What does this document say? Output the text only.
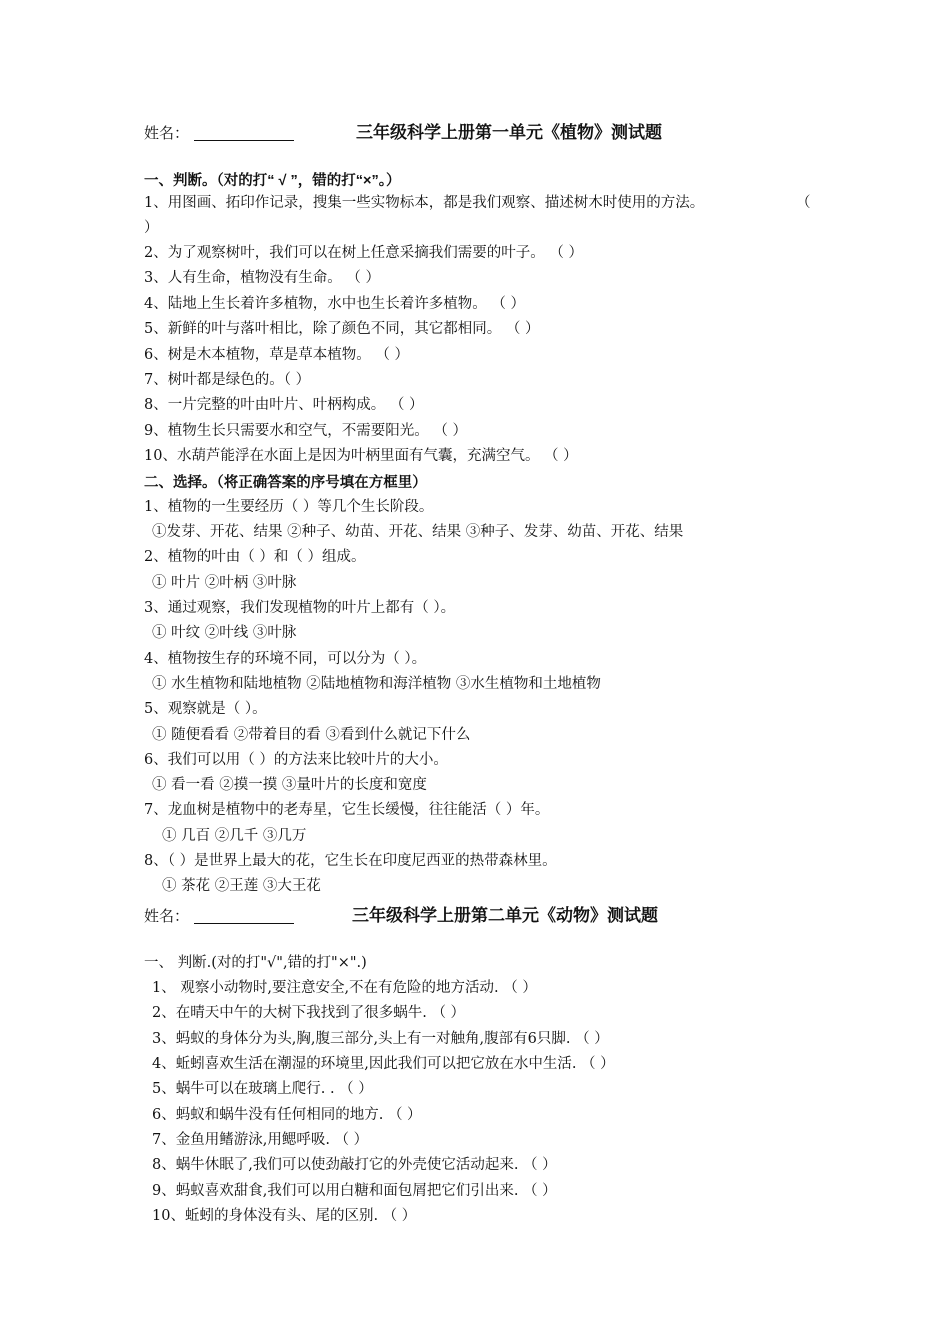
姓名：	三年级科学上册第一单元《植物》测试题
一、判断。（对的打“ √ ”，错的打“×”。）
1、用图画、拓印作记录，搜集一些实物标本，都是我们观察、描述树木时使用的方法。	（
）
2、为了观察树叶，我们可以在树上任意采摘我们需要的叶子。 （ ）
3、人有生命，植物没有生命。 （ ）
4、陆地上生长着许多植物，水中也生长着许多植物。 （ ）
5、新鲜的叶与落叶相比，除了颜色不同，其它都相同。 （ ）
6、树是木本植物，草是草本植物。 （ ）
7、树叶都是绿色的。（ ）
8、一片完整的叶由叶片、叶柄构成。 （ ）
9、植物生长只需要水和空气，不需要阳光。 （ ）
10、水葫芦能浮在水面上是因为叶柄里面有气囊，充满空气。 （ ）
二、选择。（将正确答案的序号填在方框里）
1、植物的一生要经历（ ）等几个生长阶段。
①发芽、开花、结果 ②种子、幼苗、开花、结果 ③种子、发芽、幼苗、开花、结果
2、植物的叶由（ ）和（ ）组成。
① 叶片 ②叶柄 ③叶脉
3、通过观察，我们发现植物的叶片上都有（ ）。
① 叶纹 ②叶线 ③叶脉
4、植物按生存的环境不同，可以分为（ ）。
① 水生植物和陆地植物 ②陆地植物和海洋植物 ③水生植物和土地植物
5、观察就是（ ）。
① 随便看看 ②带着目的看 ③看到什么就记下什么
6、我们可以用（ ）的方法来比较叶片的大小。
① 看一看 ②摸一摸 ③量叶片的长度和宽度
7、龙血树是植物中的老寿星，它生长缓慢，往往能活（ ）年。
① 几百 ②几千 ③几万
8、（ ）是世界上最大的花，它生长在印度尼西亚的热带森林里。
① 茶花 ②王莲 ③大王花
姓名：	三年级科学上册第二单元《动物》测试题
一、 判断.(对的打"√",错的打"×".)
1、 观察小动物时,要注意安全,不在有危险的地方活动. （ ）
2、在晴天中午的大树下我找到了很多蜗牛. （ ）
3、蚂蚁的身体分为头,胸,腹三部分,头上有一对触角,腹部有6只脚. （ ）
4、蚯蚓喜欢生活在潮湿的环境里,因此我们可以把它放在水中生活. （ ）
5、蜗牛可以在玻璃上爬行. . （ ）
6、蚂蚁和蜗牛没有任何相同的地方. （ ）
7、金鱼用鳍游泳,用鳃呼吸. （ ）
8、蜗牛休眠了,我们可以使劲敲打它的外壳使它活动起来. （ ）
9、蚂蚁喜欢甜食,我们可以用白糖和面包屑把它们引出来. （ ）
10、蚯蚓的身体没有头、尾的区别. （ ）
